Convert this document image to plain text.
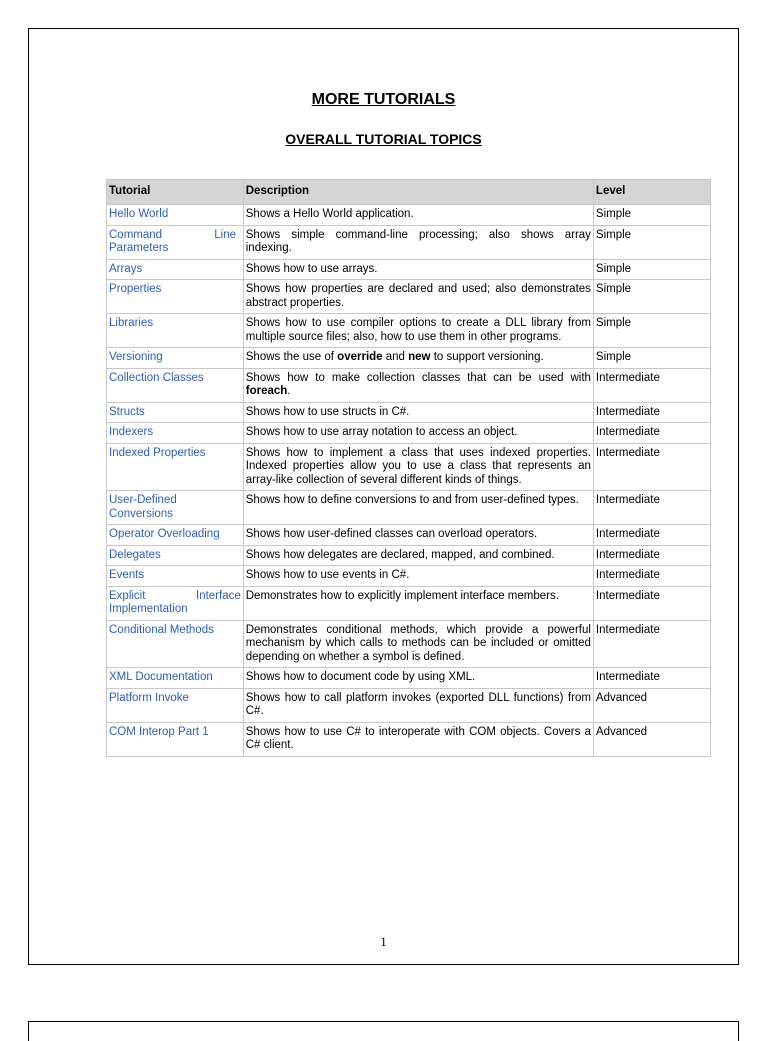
MORE TUTORIALS
OVERALL TUTORIAL TOPICS
Tutorial	Description	Level

Hello World	Shows a Hello World application.	Simple

Command Line Parameters	Shows simple command-line processing; also shows array indexing.	Simple

Arrays	Shows how to use arrays.	Simple

Properties	Shows how properties are declared and used; also demonstrates abstract properties.	Simple

Libraries	Shows how to use compiler options to create a DLL library from multiple source files; also, how to use them in other programs.	Simple

Versioning	Shows the use of override and new to support versioning.	Simple

Collection Classes	Shows how to make collection classes that can be used with foreach.	Intermediate

Structs	Shows how to use structs in C#.	Intermediate

Indexers	Shows how to use array notation to access an object.	Intermediate

Indexed Properties	Shows how to implement a class that uses indexed properties. Indexed properties allow you to use a class that represents an array-like collection of several different kinds of things.	Intermediate

User-Defined Conversions	Shows how to define conversions to and from user-defined types.	Intermediate

Operator Overloading	Shows how user-defined classes can overload operators.	Intermediate

Delegates	Shows how delegates are declared, mapped, and combined.	Intermediate

Events	Shows how to use events in C#.	Intermediate

Explicit Interface Implementation	Demonstrates how to explicitly implement interface members.	Intermediate

Conditional Methods	Demonstrates conditional methods, which provide a powerful mechanism by which calls to methods can be included or omitted depending on whether a symbol is defined.	Intermediate

XML Documentation	Shows how to document code by using XML.	Intermediate

Platform Invoke	Shows how to call platform invokes (exported DLL functions) from C#.	Advanced

COM Interop Part 1	Shows how to use C# to interoperate with COM objects. Covers a C# client.	Advanced
1
